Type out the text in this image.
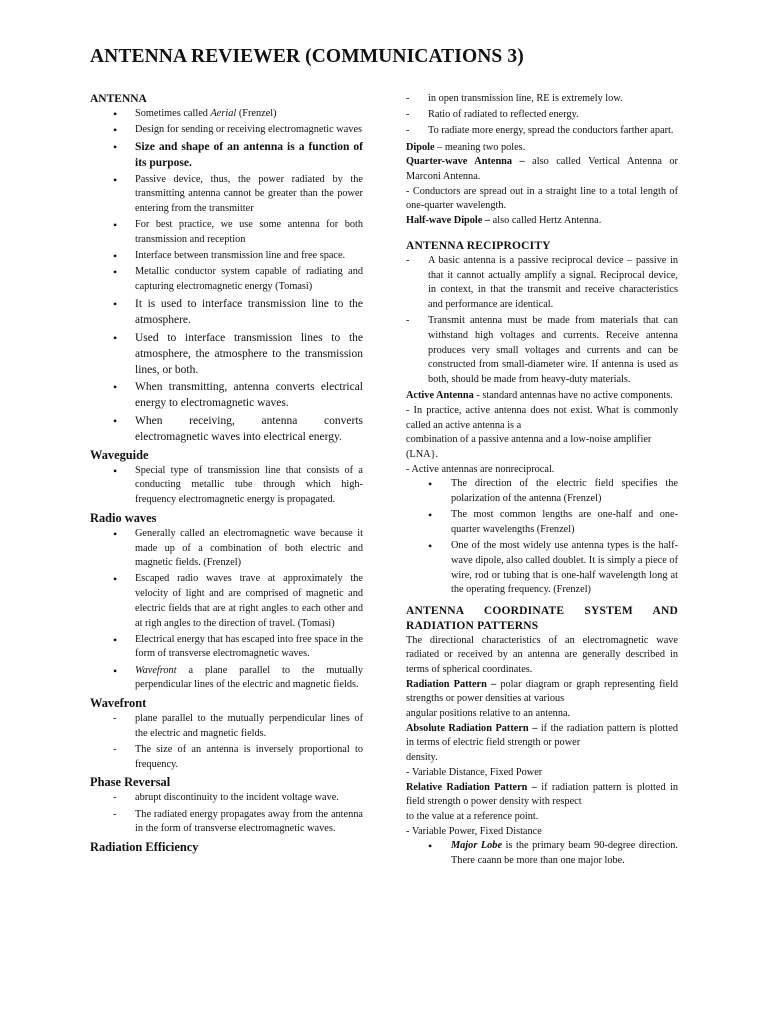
ANTENNA REVIEWER (COMMUNICATIONS 3)

ANTENNA

• Sometimes called Aerial (Frenzel)
• Design for sending or receiving electromagnetic waves
• Size and shape of an antenna is a function of its purpose.
• Passive device, thus, the power radiated by the transmitting antenna cannot be greater than the power entering from the transmitter
• For best practice, we use some antenna for both transmission and reception
• Interface between transmission line and free space.
• Metallic conductor system capable of radiating and capturing electromagnetic energy (Tomasi)
• It is used to interface transmission line to the atmosphere.
• Used to interface transmission lines to the atmosphere, the atmosphere to the transmission lines, or both.
• When transmitting, antenna converts electrical energy to electromagnetic waves.
• When receiving, antenna converts electromagnetic waves into electrical energy.

Waveguide

• Special type of transmission line that consists of a conducting metallic tube through which high-frequency electromagnetic energy is propagated.

Radio waves

• Generally called an electromagnetic wave because it made up of a combination of both electric and magnetic fields. (Frenzel)
• Escaped radio waves trave at approximately the velocity of light and are comprised of magnetic and electric fields that are at right angles to each other and at righ angles to the direction of travel. (Tomasi)
• Electrical energy that has escaped into free space in the form of transverse electromagnetic waves.
• Wavefront a plane parallel to the mutually perpendicular lines of the electric and magnetic fields.

Wavefront

- plane parallel to the mutually perpendicular lines of the electric and magnetic fields.
- The size of an antenna is inversely proportional to frequency.

Phase Reversal

- abrupt discontinuity to the incident voltage wave.
- The radiated energy propagates away from the antenna in the form of transverse electromagnetic waves.

Radiation Efficiency

- in open transmission line, RE is extremely low.
- Ratio of radiated to reflected energy.
- To radiate more energy, spread the conductors farther apart.

Dipole – meaning two poles.

Quarter-wave Antenna – also called Vertical Antenna or Marconi Antenna.

- Conductors are spread out in a straight line to a total length of one-quarter wavelength.

Half-wave Dipole – also called Hertz Antenna.

ANTENNA RECIPROCITY

- A basic antenna is a passive reciprocal device – passive in that it cannot actually amplify a signal. Reciprocal device, in context, in that the transmit and receive characteristics and performance are identical.
- Transmit antenna must be made from materials that can withstand high voltages and currents. Receive antenna produces very small voltages and currents and can be constructed from small-diameter wire. If antenna is used as both, should be made from heavy-duty materials.

Active Antenna - standard antennas have no active components.

- In practice, active antenna does not exist. What is commonly called an active antenna is a

combination of a passive antenna and a low-noise amplifier (LNA}.

- Active antennas are nonreciprocal.

• The direction of the electric field specifies the polarization of the antenna (Frenzel)
• The most common lengths are one-half and one-quarter wavelengths (Frenzel)
• One of the most widely use antenna types is the half-wave dipole, also called doublet. It is simply a piece of wire, rod or tubing that is one-half wavelength long at the operating frequency. (Frenzel)

ANTENNA COORDINATE SYSTEM AND RADIATION PATTERNS

The directional characteristics of an electromagnetic wave radiated or received by an antenna are generally described in terms of spherical coordinates.

Radiation Pattern – polar diagram or graph representing field strengths or power densities at various

angular positions relative to an antenna.

Absolute Radiation Pattern – if the radiation pattern is plotted in terms of electric field strength or power

density.

- Variable Distance, Fixed Power

Relative Radiation Pattern – if radiation pattern is plotted in field strength o power density with respect

to the value at a reference point.

- Variable Power, Fixed Distance

• Major Lobe is the primary beam 90-degree direction. There caann be more than one major lobe.
